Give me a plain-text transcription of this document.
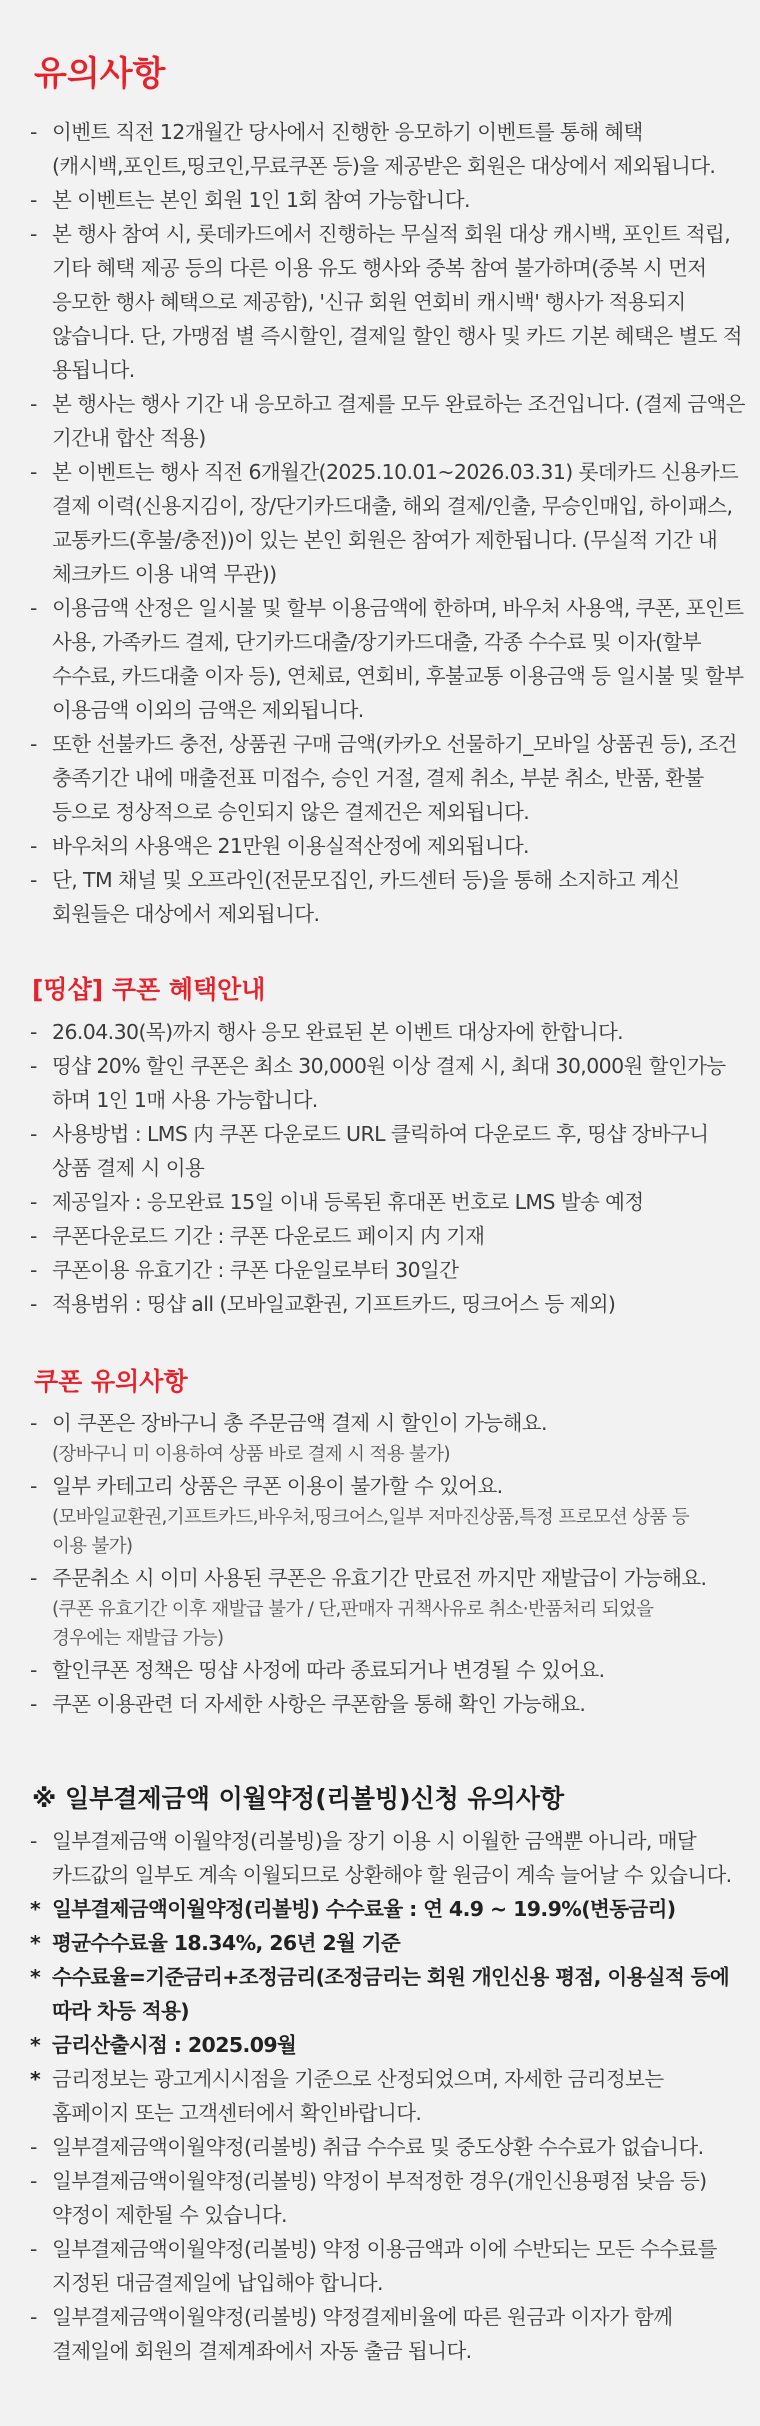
유의사항
- 이벤트 직전 12개월간 당사에서 진행한 응모하기 이벤트를 통해 혜택
(캐시백,포인트,띵코인,무료쿠폰 등)을 제공받은 회원은 대상에서 제외됩니다.
- 본 이벤트는 본인 회원 1인 1회 참여 가능합니다.
- 본 행사 참여 시, 롯데카드에서 진행하는 무실적 회원 대상 캐시백, 포인트 적립,
기타 혜택 제공 등의 다른 이용 유도 행사와 중복 참여 불가하며(중복 시 먼저
응모한 행사 혜택으로 제공함), '신규 회원 연회비 캐시백' 행사가 적용되지
않습니다. 단, 가맹점 별 즉시할인, 결제일 할인 행사 및 카드 기본 혜택은 별도 적
용됩니다.
- 본 행사는 행사 기간 내 응모하고 결제를 모두 완료하는 조건입니다. (결제 금액은
기간내 합산 적용)
- 본 이벤트는 행사 직전 6개월간(2025.10.01~2026.03.31) 롯데카드 신용카드
결제 이력(신용지김이, 장/단기카드대출, 해외 결제/인출, 무승인매입, 하이패스,
교통카드(후불/충전))이 있는 본인 회원은 참여가 제한됩니다. (무실적 기간 내
체크카드 이용 내역 무관))
- 이용금액 산정은 일시불 및 할부 이용금액에 한하며, 바우처 사용액, 쿠폰, 포인트
사용, 가족카드 결제, 단기카드대출/장기카드대출, 각종 수수료 및 이자(할부
수수료, 카드대출 이자 등), 연체료, 연회비, 후불교통 이용금액 등 일시불 및 할부
이용금액 이외의 금액은 제외됩니다.
- 또한 선불카드 충전, 상품권 구매 금액(카카오 선물하기_모바일 상품권 등), 조건
충족기간 내에 매출전표 미접수, 승인 거절, 결제 취소, 부분 취소, 반품, 환불
등으로 정상적으로 승인되지 않은 결제건은 제외됩니다.
- 바우처의 사용액은 21만원 이용실적산정에 제외됩니다.
- 단, TM 채널 및 오프라인(전문모집인, 카드센터 등)을 통해 소지하고 계신
회원들은 대상에서 제외됩니다.
[띵샵] 쿠폰 혜택안내
- 26.04.30(목)까지 행사 응모 완료된 본 이벤트 대상자에 한합니다.
- 띵샵 20% 할인 쿠폰은 최소 30,000원 이상 결제 시, 최대 30,000원 할인가능
하며 1인 1매 사용 가능합니다.
- 사용방법 : LMS 内 쿠폰 다운로드 URL 클릭하여 다운로드 후, 띵샵 장바구니
상품 결제 시 이용
- 제공일자 : 응모완료 15일 이내 등록된 휴대폰 번호로 LMS 발송 예정
- 쿠폰다운로드 기간 : 쿠폰 다운로드 페이지 内 기재
- 쿠폰이용 유효기간 : 쿠폰 다운일로부터 30일간
- 적용범위 : 띵샵 all (모바일교환권, 기프트카드, 띵크어스 등 제외)
쿠폰 유의사항
- 이 쿠폰은 장바구니 총 주문금액 결제 시 할인이 가능해요.
(장바구니 미 이용하여 상품 바로 결제 시 적용 불가)
- 일부 카테고리 상품은 쿠폰 이용이 불가할 수 있어요.
(모바일교환권,기프트카드,바우처,띵크어스,일부 저마진상품,특정 프로모션 상품 등
이용 불가)
- 주문취소 시 이미 사용된 쿠폰은 유효기간 만료전 까지만 재발급이 가능해요.
(쿠폰 유효기간 이후 재발급 불가 / 단,판매자 귀책사유로 취소·반품처리 되었을
경우에는 재발급 가능)
- 할인쿠폰 정책은 띵샵 사정에 따라 종료되거나 변경될 수 있어요.
- 쿠폰 이용관련 더 자세한 사항은 쿠폰함을 통해 확인 가능해요.
※ 일부결제금액 이월약정(리볼빙)신청 유의사항
- 일부결제금액 이월약정(리볼빙)을 장기 이용 시 이월한 금액뿐 아니라, 매달
카드값의 일부도 계속 이월되므로 상환해야 할 원금이 계속 늘어날 수 있습니다.
* 일부결제금액이월약정(리볼빙) 수수료율 : 연 4.9 ~ 19.9%(변동금리)
* 평균수수료율 18.34%, 26년 2월 기준
* 수수료율=기준금리+조정금리(조정금리는 회원 개인신용 평점, 이용실적 등에
따라 차등 적용)
* 금리산출시점 : 2025.09월
* 금리정보는 광고게시시점을 기준으로 산정되었으며, 자세한 금리정보는
홈페이지 또는 고객센터에서 확인바랍니다.
- 일부결제금액이월약정(리볼빙) 취급 수수료 및 중도상환 수수료가 없습니다.
- 일부결제금액이월약정(리볼빙) 약정이 부적정한 경우(개인신용평점 낮음 등)
약정이 제한될 수 있습니다.
- 일부결제금액이월약정(리볼빙) 약정 이용금액과 이에 수반되는 모든 수수료를
지정된 대금결제일에 납입해야 합니다.
- 일부결제금액이월약정(리볼빙) 약정결제비율에 따른 원금과 이자가 함께
결제일에 회원의 결제계좌에서 자동 출금 됩니다.
